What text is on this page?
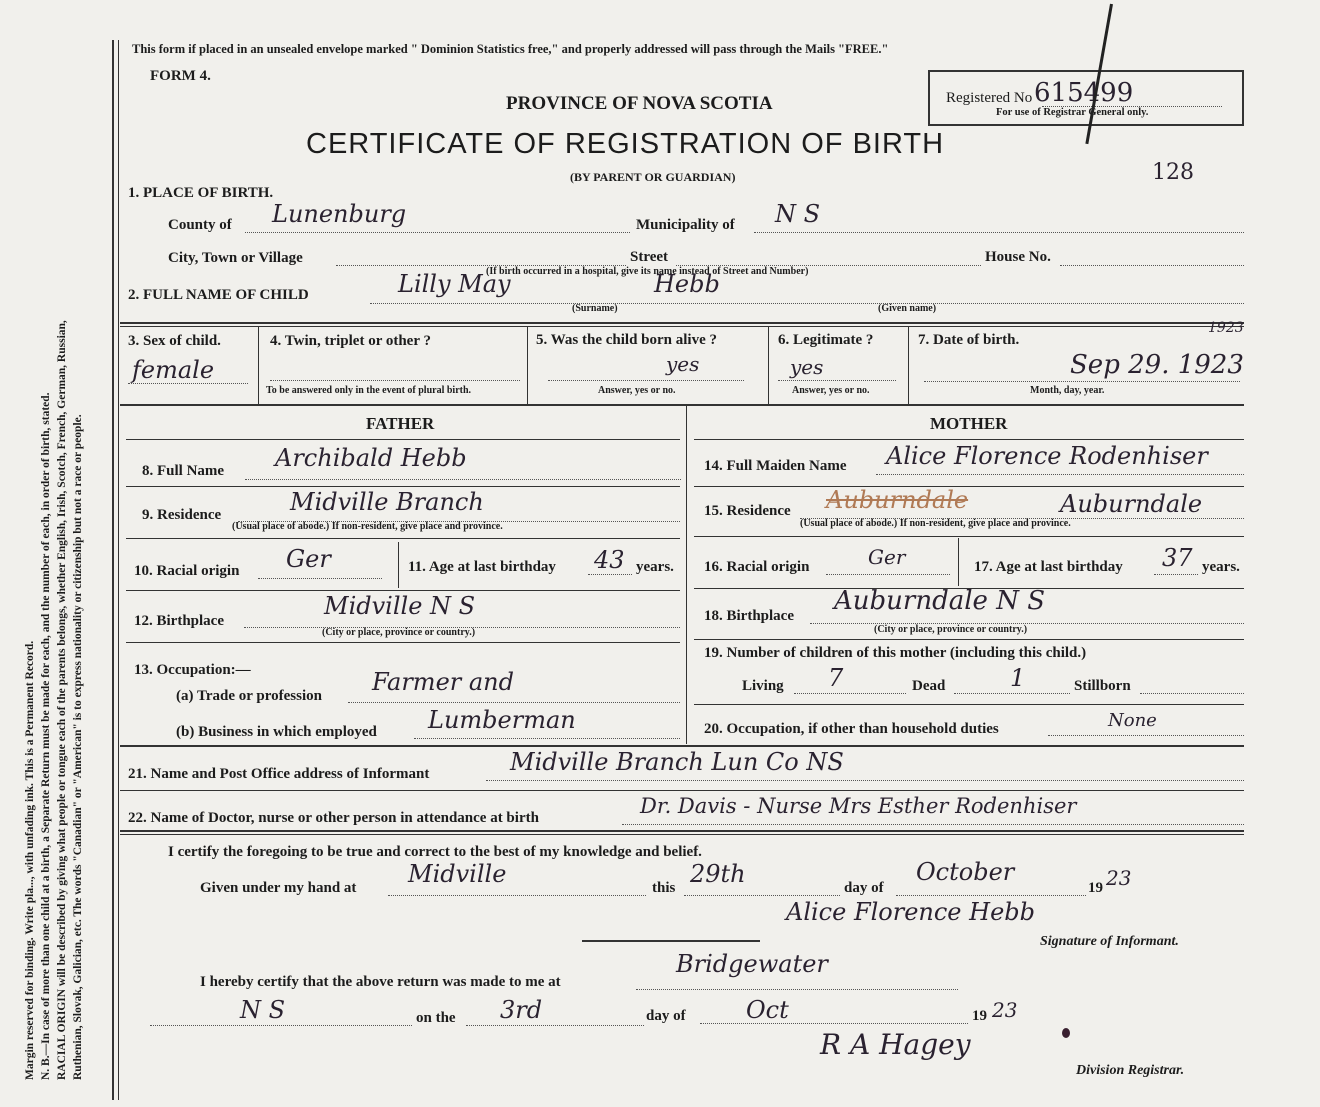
Margin reserved for binding. Write pla..., with unfading ink. This is a Permanent Record. N. B.—In case of more than one child at a birth, a Separate Return must be made for each, and the number of each, in order of birth, stated. RACIAL ORIGIN will be described by giving what people or tongue each of the parents belongs, whether English, Irish, Scotch, French, German, Russian, Ruthenian, Slovak, Galician, etc. The words "Canadian" or "American" is to express nationality or citizenship but not a race or people.
This form if placed in an unsealed envelope marked " Dominion Statistics free," and properly addressed will pass through the Mails "FREE."
FORM 4.
PROVINCE OF NOVA SCOTIA
CERTIFICATE OF REGISTRATION OF BIRTH
(BY PARENT OR GUARDIAN)
Registered No 615499
For use of Registrar General only.
128
1. PLACE OF BIRTH.
County of Lunenburg	Municipality of N S
City, Town or Village	Street	House No.
(If birth occurred in a hospital, give its name instead of Street and Number)
2. FULL NAME OF CHILD	Lilly May	Hebb
(Surname)	(Given name)
3. Sex of child.
female
4. Twin, triplet or other ?
To be answered only in the event of plural birth.
5. Was the child born alive ?
yes
Answer, yes or no.
6. Legitimate ?
yes
Answer, yes or no.
7. Date of birth.
1923
Sep 29. 1923
Month, day, year.
FATHER	MOTHER
8. Full Name Archibald Hebb
9. Residence	Midville Branch
(Usual place of abode.) If non-resident, give place and province.
10. Racial origin Ger	11. Age at last birthday 43 years.
12. Birthplace
Midville N S
(City or place, province or country.)
13. Occupation:—
(a) Trade or profession Farmer and
(b) Business in which employed Lumberman
14. Full Maiden Name Alice Florence Rodenhiser
15. Residence Auburndale	Auburndale
(Usual place of abode.) If non-resident, give place and province.
16. Racial origin	Ger	17. Age at last birthday 37 years.
18. Birthplace Auburndale N S
(City or place, province or country.)
19. Number of children of this mother (including this child.)
Living 7	Dead	1	Stillborn
20. Occupation, if other than household duties	None
21. Name and Post Office address of Informant	Midville Branch Lun Co NS
22. Name of Doctor, nurse or other person in attendance at birth	Dr. Davis - Nurse Mrs Esther Rodenhiser
I certify the foregoing to be true and correct to the best of my knowledge and belief.
Given under my hand at Midville	this 29th	day of
October
19 23
Alice Florence Hebb
Signature of Informant.
I hereby certify that the above return was made to me at
Bridgewater
N S	on the 3rd	day of	Oct	19 23
R A Hagey
Division Registrar.
